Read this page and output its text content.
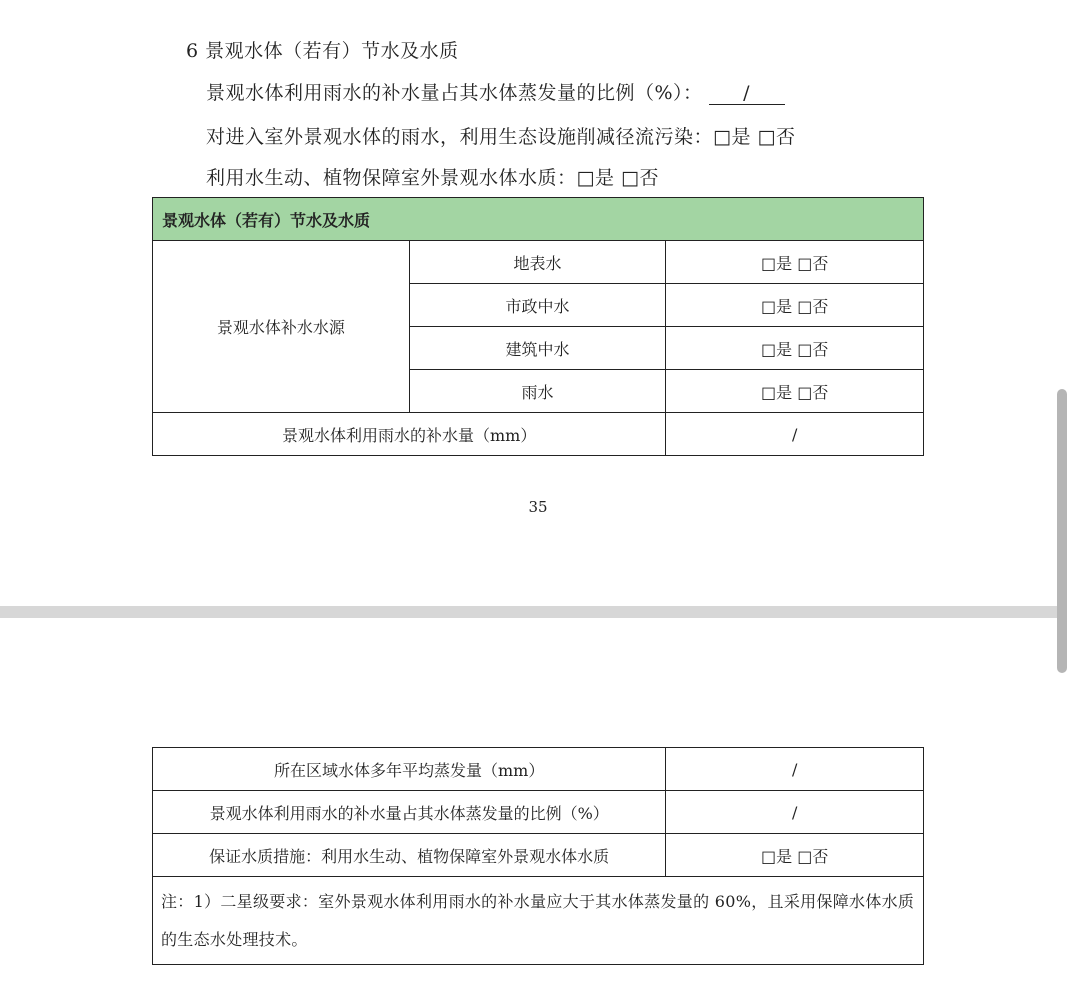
6 景观水体（若有）节水及水质
景观水体利用雨水的补水量占其水体蒸发量的比例（%）： /
对进入室外景观水体的雨水，利用生态设施削减径流污染：□是 □否
利用水生动、植物保障室外景观水体水质：□是 □否
景观水体（若有）节水及水质		
景观水体补水水源	地表水	□是 □否
	市政中水	□是 □否
	建筑中水	□是 □否
	雨水	□是 □否
景观水体利用雨水的补水量（mm）		/
35
所在区域水体多年平均蒸发量（mm）	/
景观水体利用雨水的补水量占其水体蒸发量的比例（%）	/
保证水质措施：利用水生动、植物保障室外景观水体水质	□是 □否
注：1）二星级要求：室外景观水体利用雨水的补水量应大于其水体蒸发量的 60%，且采用保障水体水质的生态水处理技术。	
